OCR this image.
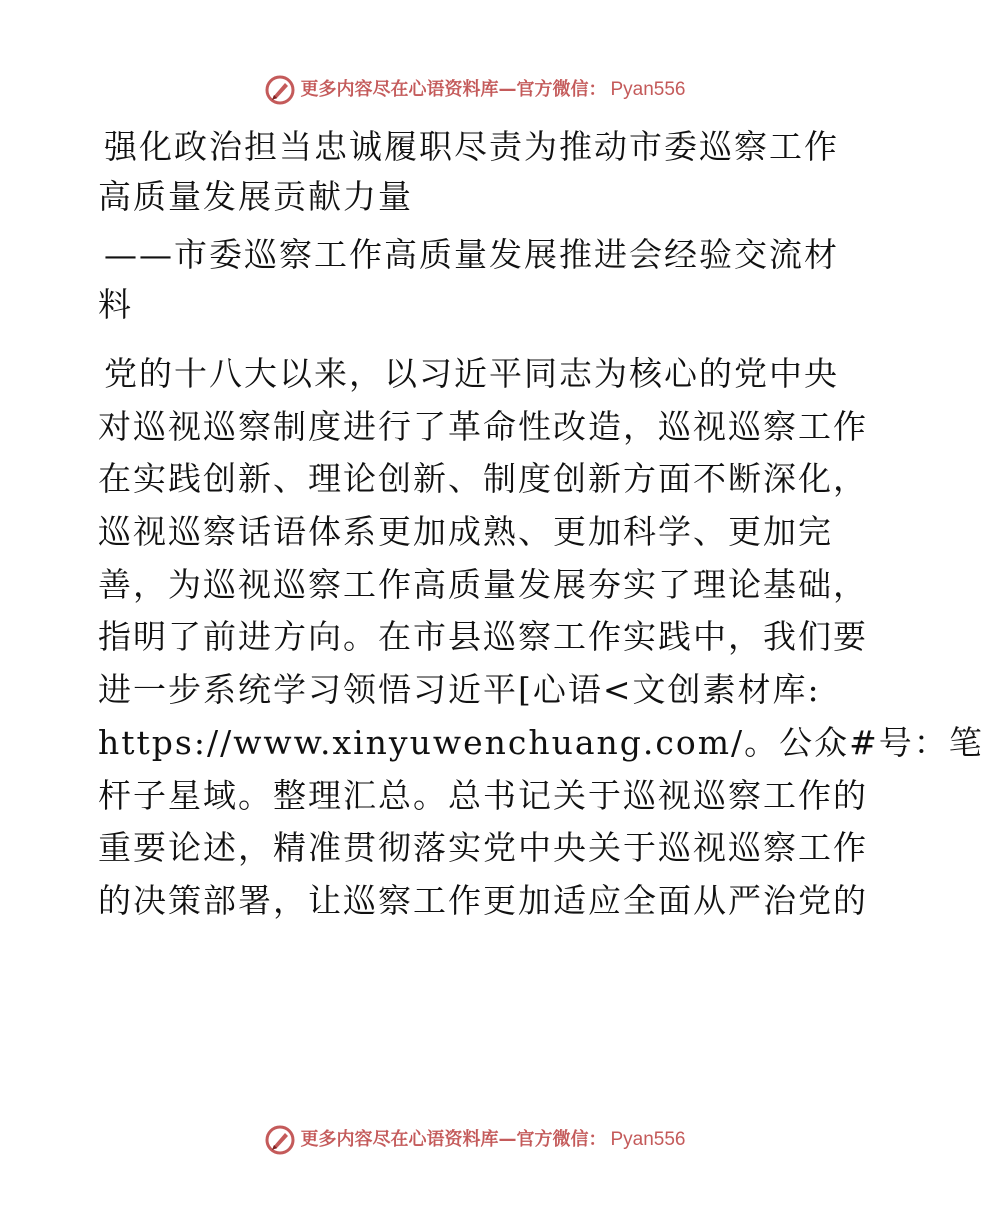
更多内容尽在心语资料库—官方微信： Pyan556
强化政治担当忠诚履职尽责为推动市委巡察工作
高质量发展贡献力量
——市委巡察工作高质量发展推进会经验交流材
料
党的十八大以来，以习近平同志为核心的党中央
对巡视巡察制度进行了革命性改造，巡视巡察工作
在实践创新、理论创新、制度创新方面不断深化，
巡视巡察话语体系更加成熟、更加科学、更加完
善，为巡视巡察工作高质量发展夯实了理论基础，
指明了前进方向。在市县巡察工作实践中，我们要
进一步系统学习领悟习近平[心语<文创素材库:
https://www.xinyuwenchuang.com/。公众#号：笔
杆子星域。整理汇总。总书记关于巡视巡察工作的
重要论述，精准贯彻落实党中央关于巡视巡察工作
的决策部署，让巡察工作更加适应全面从严治党的
更多内容尽在心语资料库—官方微信： Pyan556
